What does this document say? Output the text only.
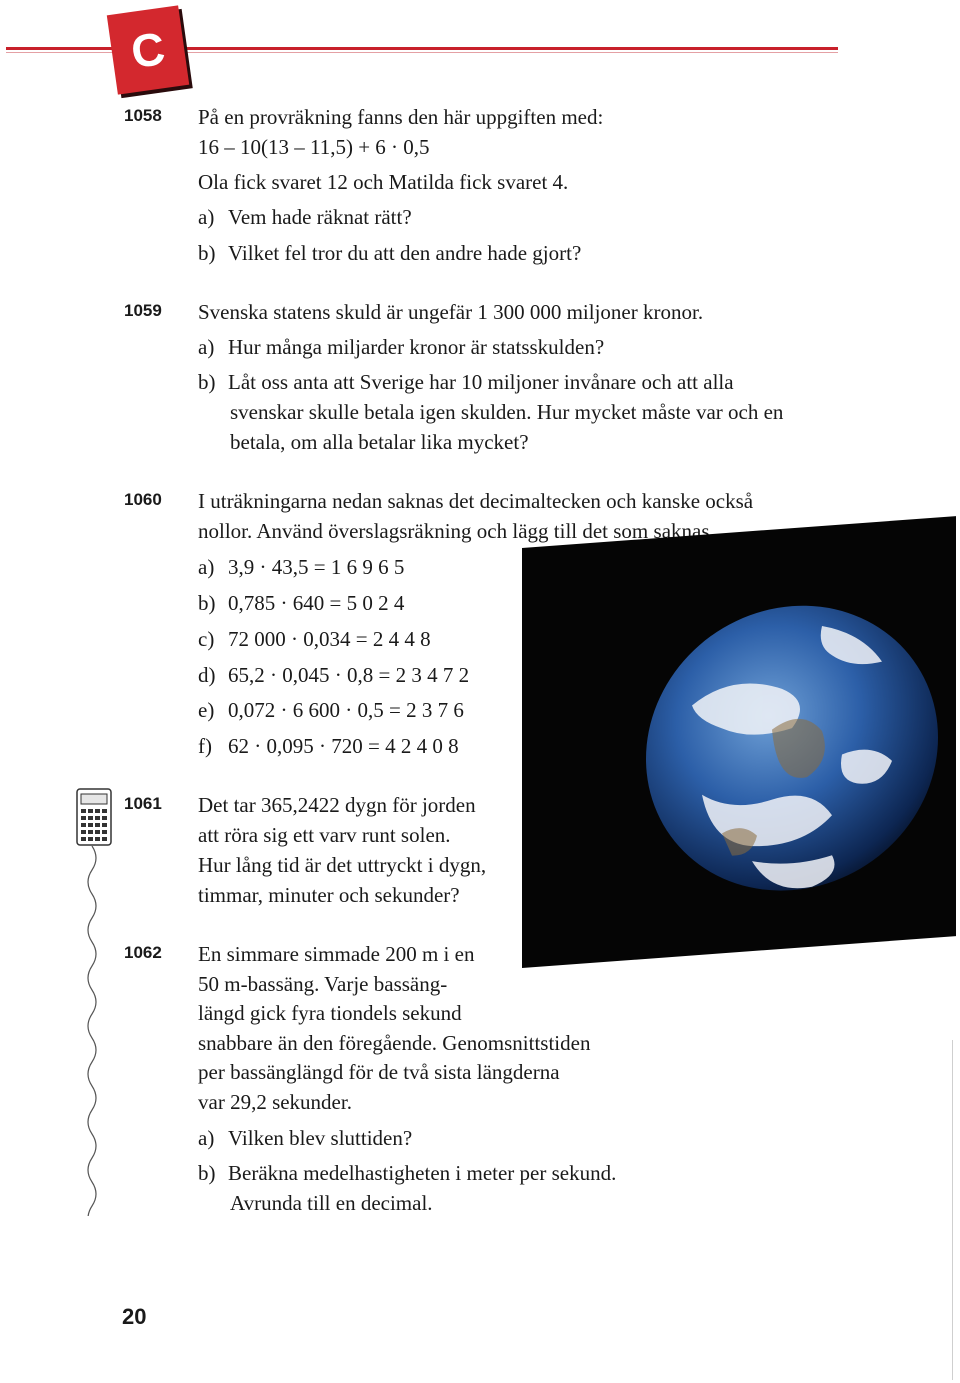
C
1058 På en provräkning fanns den här uppgiften med:
16 – 10(13 – 11,5) + 6 · 0,5
Ola fick svaret 12 och Matilda fick svaret 4.
a) Vem hade räknat rätt?
b) Vilket fel tror du att den andre hade gjort?
1059 Svenska statens skuld är ungefär 1 300 000 miljoner kronor.
a) Hur många miljarder kronor är statsskulden?
b) Låt oss anta att Sverige har 10 miljoner invånare och att alla
svenskar skulle betala igen skulden. Hur mycket måste var och en
betala, om alla betalar lika mycket?
1060 I uträkningarna nedan saknas det decimaltecken och kanske också
nollor. Använd överslagsräkning och lägg till det som saknas.
a) 3,9 · 43,5 = 1 6 9 6 5
b) 0,785 · 640 = 5 0 2 4
c) 72 000 · 0,034 = 2 4 4 8
d) 65,2 · 0,045 · 0,8 = 2 3 4 7 2
e) 0,072 · 6 600 · 0,5 = 2 3 7 6
f) 62 · 0,095 · 720 = 4 2 4 0 8
1061 Det tar 365,2422 dygn för jorden
att röra sig ett varv runt solen.
Hur lång tid är det uttryckt i dygn,
timmar, minuter och sekunder?
1062 En simmare simmade 200 m i en
50 m-bassäng. Varje bassäng-
längd gick fyra tiondels sekund
snabbare än den föregående. Genomsnittstiden
per bassänglängd för de två sista längderna
var 29,2 sekunder.
a) Vilken blev sluttiden?
b) Beräkna medelhastigheten i meter per sekund.
Avrunda till en decimal.
20
